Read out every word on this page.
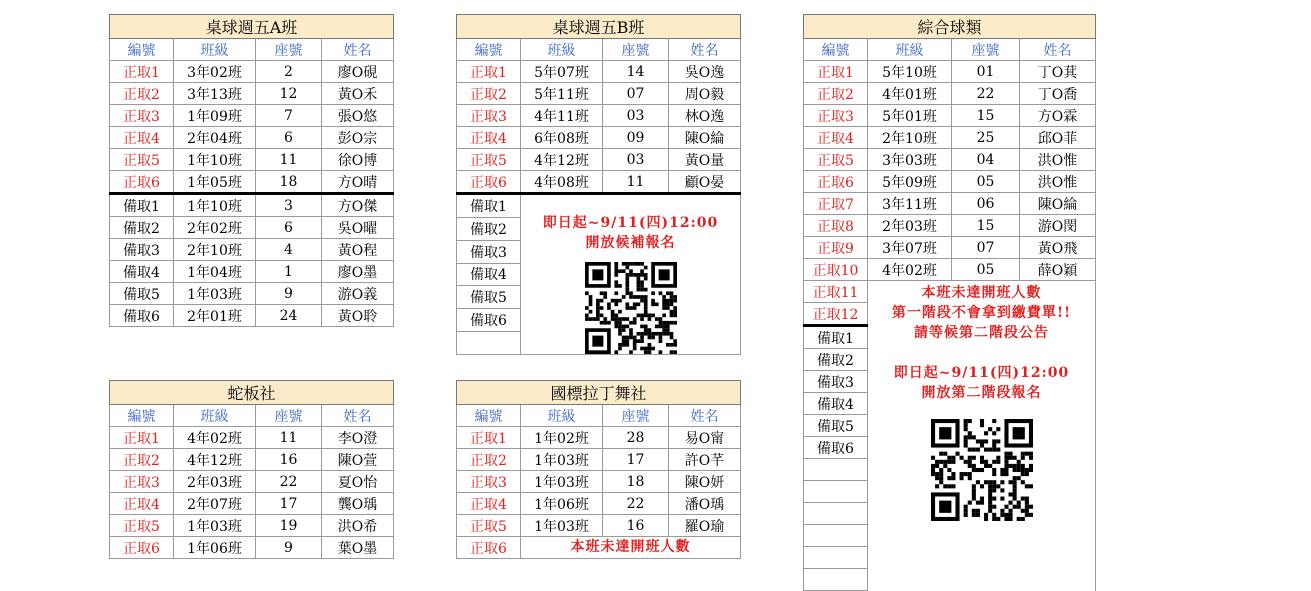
桌球週五A班			
編號	班級	座號	姓名
正取1	3年02班	2	廖O硯
正取2	3年13班	12	黃O禾
正取3	1年09班	7	張O悠
正取4	2年04班	6	彭O宗
正取5	1年10班	11	徐O博
正取6	1年05班	18	方O晴
備取1	1年10班	3	方O傑
備取2	2年02班	6	吳O曜
備取3	2年10班	4	黃O程
備取4	1年04班	1	廖O墨
備取5	1年03班	9	游O義
備取6	2年01班	24	黃O聆
桌球週五B班			
編號	班級	座號	姓名
正取1	5年07班	14	吳O逸
正取2	5年11班	07	周O毅
正取3	4年11班	03	林O逸
正取4	6年08班	09	陳O綸
正取5	4年12班	03	黃O量
正取6	4年08班	11	顧O晏
備取1	即日起~9/11(四)12:00
開放候補報名		

備取2			
備取3			
備取4			
備取5			
備取6			

綜合球類			
編號	班級	座號	姓名
正取1	5年10班	01	丁O萁
正取2	4年01班	22	丁O喬
正取3	5年01班	15	方O霖
正取4	2年10班	25	邱O菲
正取5	3年03班	04	洪O惟
正取6	5年09班	05	洪O惟
正取7	3年11班	06	陳O綸
正取8	2年03班	15	游O閔
正取9	3年07班	07	黃O飛
正取10	4年02班	05	薛O穎
正取11	本班未達開班人數
第一階段不會拿到繳費單!!
請等候第二階段公告
即日起~9/11(四)12:00
開放第二階段報名		

正取12			
備取1			
備取2			
備取3			
備取4			
備取5			
備取6			

蛇板社			
編號	班級	座號	姓名
正取1	4年02班	11	李O澄
正取2	4年12班	16	陳O萱
正取3	2年03班	22	夏O怡
正取4	2年07班	17	龔O瑀
正取5	1年03班	19	洪O希
正取6	1年06班	9	葉O墨
國標拉丁舞社			
編號	班級	座號	姓名
正取1	1年02班	28	易O甯
正取2	1年03班	17	許O芊
正取3	1年03班	18	陳O妍
正取4	1年06班	22	潘O瑀
正取5	1年03班	16	羅O瑜
正取6	本班未達開班人數		
